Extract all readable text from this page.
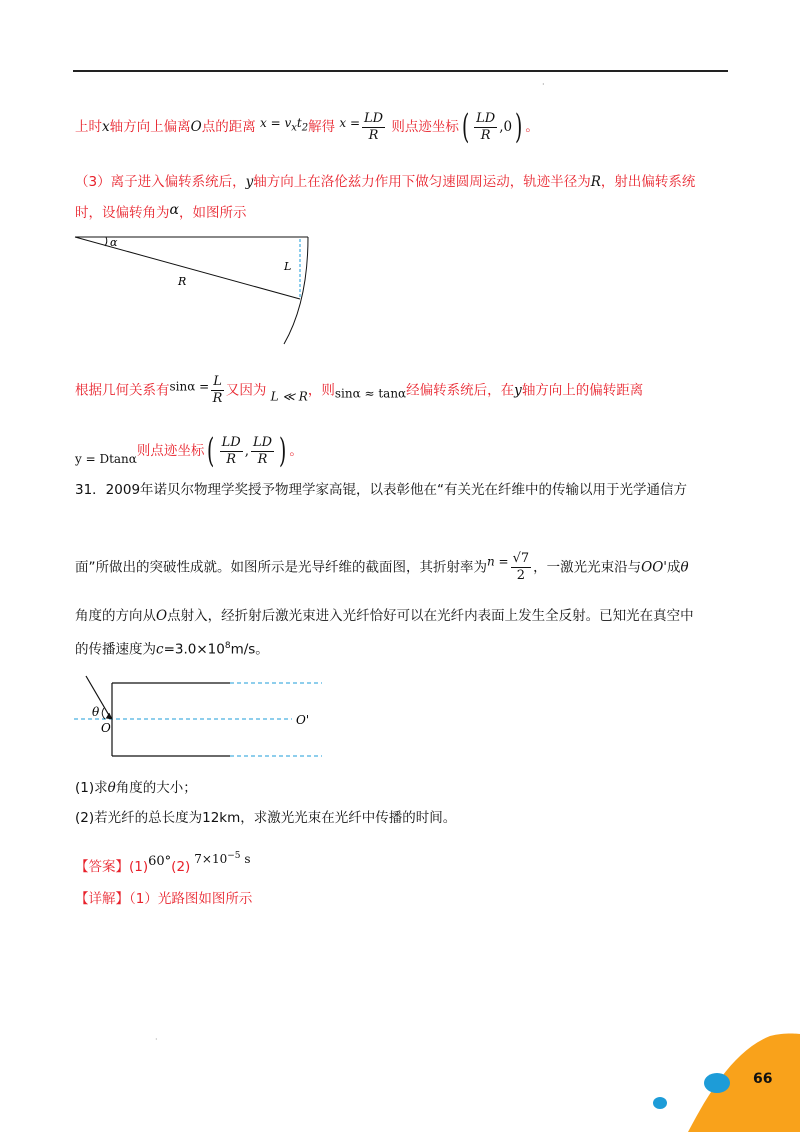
·
上时x轴方向上偏离O点的距离 $x = v_xt_2$解得 $x = \frac{LD}{R}$ 则点迹坐标( $\frac{LD}{R} ,0$) 。
（3）离子进入偏转系统后，y轴方向上在洛伦兹力作用下做匀速圆周运动，轨迹半径为R，射出偏转系统
时，设偏转角为α，如图所示
α
R
L
根据几何关系有$\sin\alpha = \frac{L}{R}$ 又因为 L ≪ R，则sinα ≈ tanα经偏转系统后，在y轴方向上的偏转距离
y = Dtanα则点迹坐标( $\frac{LD}{R}$ , $\frac{LD}{R}$ ) 。
31．2009年诺贝尔物理学奖授予物理学家高锟，以表彰他在“有关光在纤维中的传输以用于光学通信方
面”所做出的突破性成就。如图所示是光导纤维的截面图，其折射率为$n = \frac{√7}{2}$ ，一激光光束沿与OO'成θ
角度的方向从O点射入，经折射后激光束进入光纤恰好可以在光纤内表面上发生全反射。已知光在真空中
的传播速度为$c=3.0\times 10^8m/s$。
θ
O
O'
(1)求θ角度的大小；
(2)若光纤的总长度为12km，求激光光束在光纤中传播的时间。
【答案】(1)60°(2) $7\times 10^{-5}$ s
【详解】（1）光路图如图所示
·
66
